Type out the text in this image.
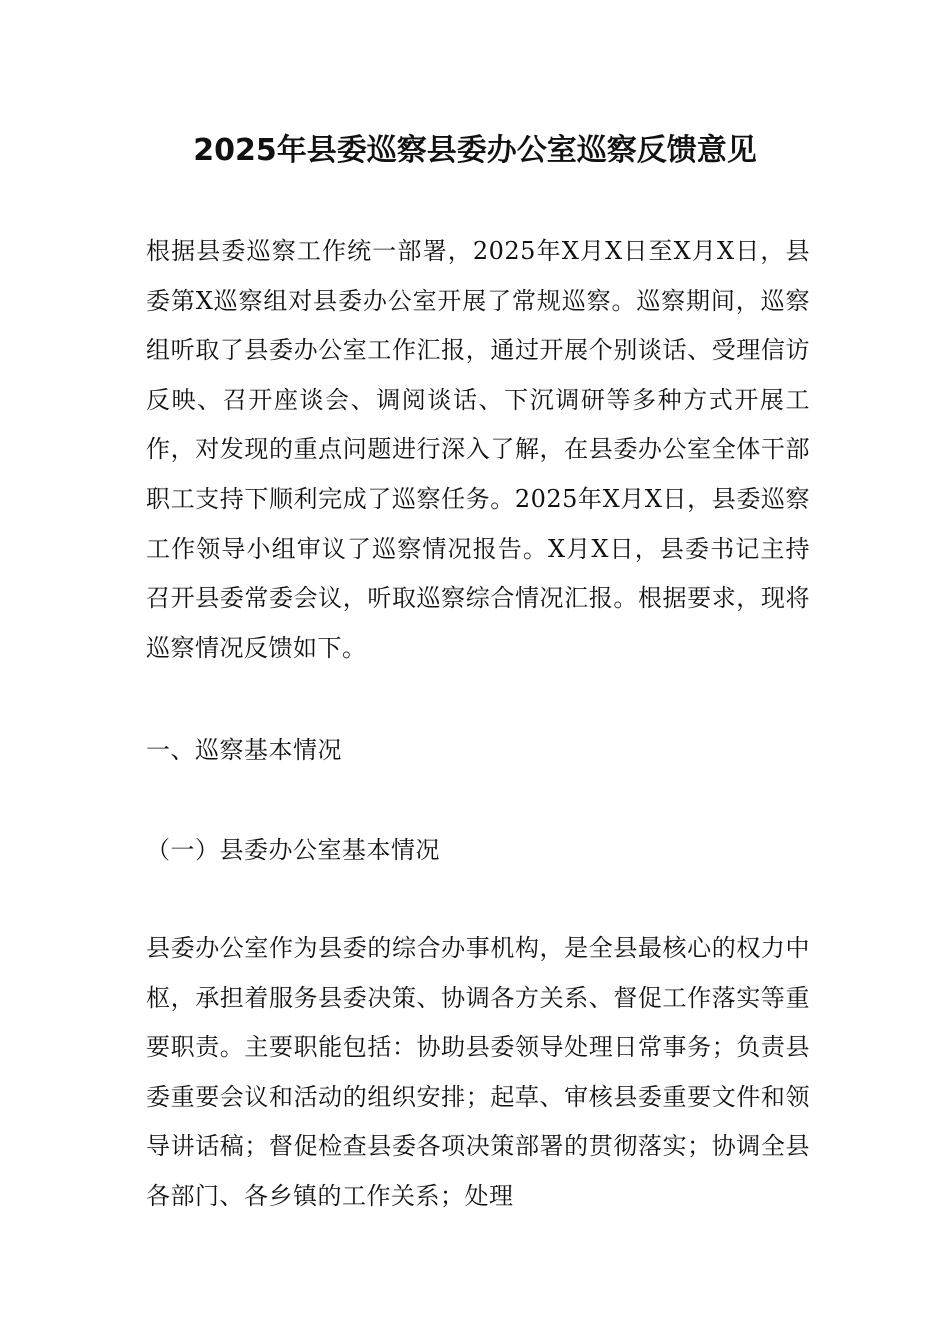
2025年县委巡察县委办公室巡察反馈意见

根据县委巡察工作统一部署，2025年X月X日至X月X日，县委第X巡察组对县委办公室开展了常规巡察。巡察期间，巡察组听取了县委办公室工作汇报，通过开展个别谈话、受理信访反映、召开座谈会、调阅谈话、下沉调研等多种方式开展工作，对发现的重点问题进行深入了解，在县委办公室全体干部职工支持下顺利完成了巡察任务。2025年X月X日，县委巡察工作领导小组审议了巡察情况报告。X月X日，县委书记主持召开县委常委会议，听取巡察综合情况汇报。根据要求，现将巡察情况反馈如下。

一、巡察基本情况

（一）县委办公室基本情况

县委办公室作为县委的综合办事机构，是全县最核心的权力中枢，承担着服务县委决策、协调各方关系、督促工作落实等重要职责。主要职能包括：协助县委领导处理日常事务；负责县委重要会议和活动的组织安排；起草、审核县委重要文件和领导讲话稿；督促检查县委各项决策部署的贯彻落实；协调全县各部门、各乡镇的工作关系；处理
